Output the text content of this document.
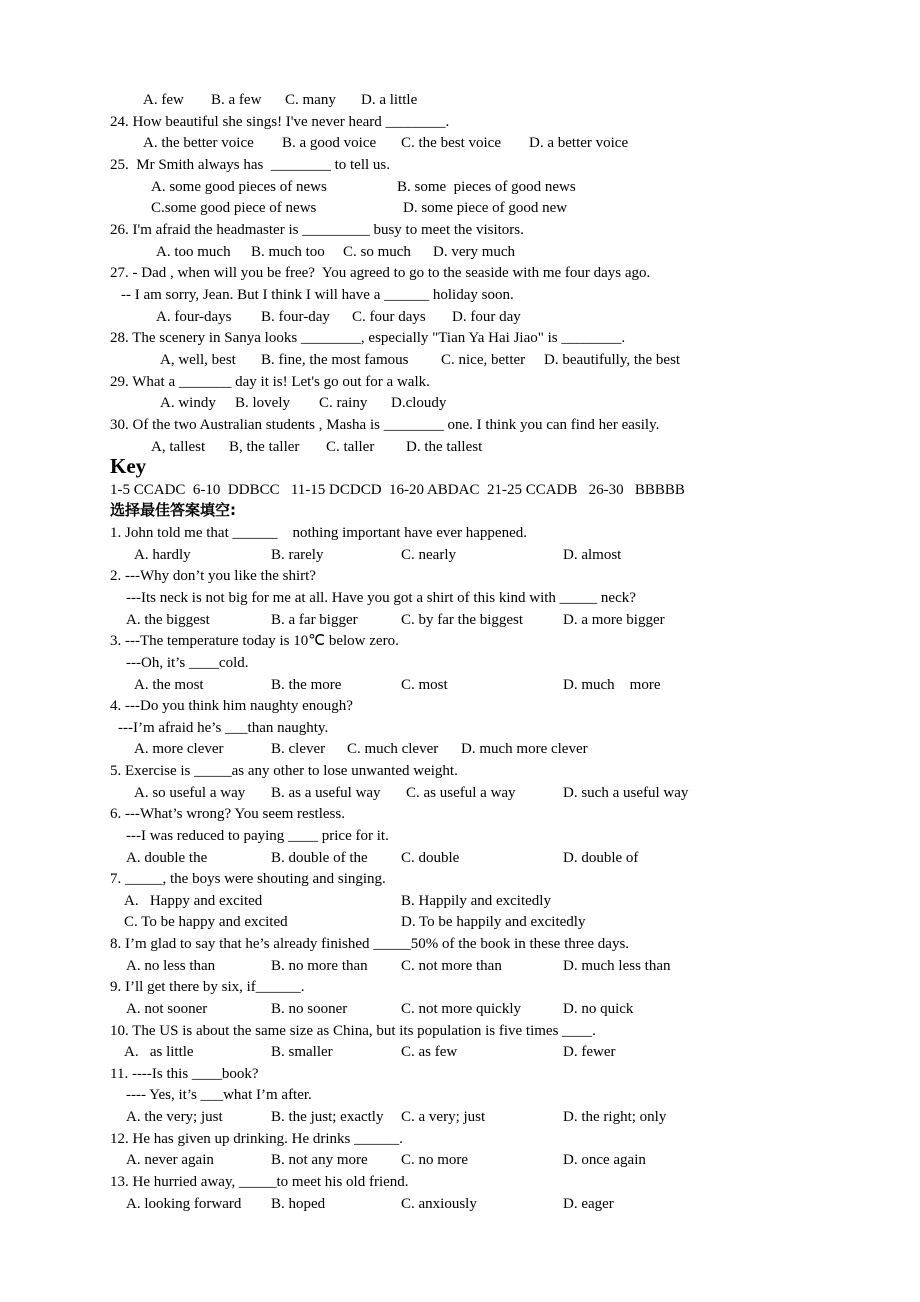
A. few B. a few C. many D. a little
24. How beautiful she sings! I've never heard ________.
A. the better voice B. a good voice C. the best voice D. a better voice
25.  Mr Smith always has  ________ to tell us.
A. some good pieces of news	B. some  pieces of good news
C.some good piece of news	D. some piece of good new
26. I'm afraid the headmaster is _________ busy to meet the visitors.
A. too much B. much too C. so much D. very much
27. - Dad , when will you be free?  You agreed to go to the seaside with me four days ago.
-- I am sorry, Jean. But I think I will have a ______ holiday soon.
A. four-days B. four-day C. four days D. four day
28. The scenery in Sanya looks ________, especially "Tian Ya Hai Jiao" is ________.
A, well, best B. fine, the most famous C. nice, better D. beautifully, the best
29. What a _______ day it is! Let's go out for a walk.
A. windy B. lovely C. rainy D.cloudy
30. Of the two Australian students , Masha is ________ one. I think you can find her easily.
A, tallest B, the taller C. taller D. the tallest
Key
1-5 CCADC  6-10  DDBCC   11-15 DCDCD  16-20 ABDAC  21-25 CCADB   26-30   BBBBB
选择最佳答案填空:
1. John told me that ______    nothing important have ever happened.
A. hardly	B. rarely	C. nearly	D. almost
2. ---Why don’t you like the shirt?
---Its neck is not big for me at all. Have you got a shirt of this kind with _____ neck?
A. the biggest	B. a far bigger	C. by far the biggest	D. a more bigger
3. ---The temperature today is 10℃ below zero.
---Oh, it’s ____cold.
A. the most	B. the more	C. most	D. much    more
4. ---Do you think him naughty enough?
---I’m afraid he’s ___than naughty.
A. more clever	B. clever C. much clever D. much more clever
5. Exercise is _____as any other to lose unwanted weight.
A. so useful a way B. as a useful way C. as useful a way	D. such a useful way
6. ---What’s wrong? You seem restless.
---I was reduced to paying ____ price for it.
A. double the	B. double of the C. double	D. double of
7. _____, the boys were shouting and singing.
A.   Happy and excited	B. Happily and excitedly
C. To be happy and excited	D. To be happily and excitedly
8. I’m glad to say that he’s already finished _____50% of the book in these three days.
A. no less than	B. no more than C. not more than	D. much less than
9. I’ll get there by six, if______.
A. not sooner	B. no sooner	C. not more quickly	D. no quick
10. The US is about the same size as China, but its population is five times ____.
A.   as little	B. smaller	C. as few	D. fewer
11. ----Is this ____book?
---- Yes, it’s ___what I’m after.
A. the very; just	B. the just; exactly C. a very; just	D. the right; only
12. He has given up drinking. He drinks ______.
A. never again	B. not any more C. no more	D. once again
13. He hurried away, _____to meet his old friend.
A. looking forward B. hoped	C. anxiously	D. eager
